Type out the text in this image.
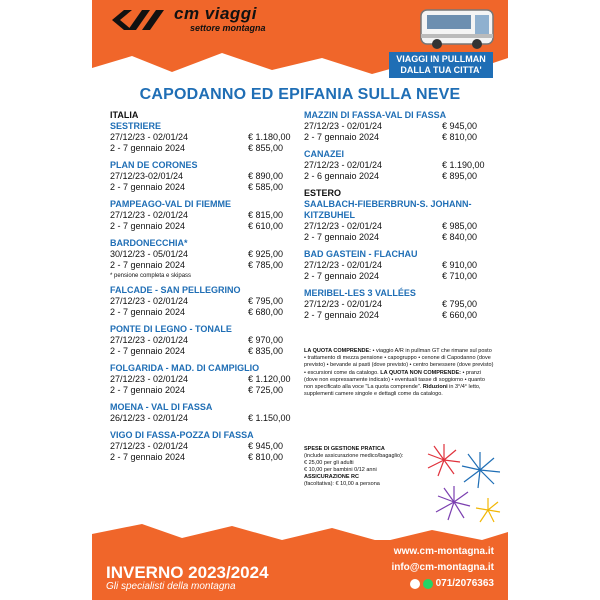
cm viaggi
settore montagna
VIAGGI IN PULLMAN
DALLA TUA CITTA'
CAPODANNO ED EPIFANIA SULLA NEVE
ITALIA
SESTRIERE
27/12/23 - 02/01/24	€ 1.180,00
2 - 7 gennaio 2024	€ 855,00
PLAN DE CORONES
27/12/23-02/01/24	€ 890,00
2 - 7 gennaio 2024	€ 585,00
PAMPEAGO-VAL DI FIEMME
27/12/23 - 02/01/24	€ 815,00
2 - 7 gennaio 2024	€ 610,00
BARDONECCHIA*
30/12/23 - 05/01/24	€ 925,00
2 - 7 gennaio 2024	€ 785,00
* pensione completa e skipass
FALCADE - SAN PELLEGRINO
27/12/23 - 02/01/24	€ 795,00
2 - 7 gennaio 2024	€ 680,00
PONTE DI LEGNO - TONALE
27/12/23 - 02/01/24	€ 970,00
2 - 7 gennaio 2024	€ 835,00
FOLGARIDA - MAD. DI CAMPIGLIO
27/12/23 - 02/01/24	€ 1.120,00
2 - 7 gennaio 2024	€ 725,00
MOENA - VAL DI FASSA
26/12/23 - 02/01/24	€ 1.150,00
VIGO DI FASSA-POZZA DI FASSA
27/12/23 - 02/01/24	€ 945,00
2 - 7 gennaio 2024	€ 810,00
MAZZIN DI FASSA-VAL DI FASSA
27/12/23 - 02/01/24	€ 945,00
2 - 7 gennaio 2024	€ 810,00
CANAZEI
27/12/23 - 02/01/24	€ 1.190,00
2 - 6 gennaio 2024	€ 895,00
ESTERO
SAALBACH-FIEBERBRUN-S. JOHANN-KITZBUHEL
27/12/23 - 02/01/24	€ 985,00
2 - 7 gennaio 2024	€ 840,00
BAD GASTEIN - FLACHAU
27/12/23 - 02/01/24	€ 910,00
2 - 7 gennaio 2024	€ 710,00
MERIBEL-LES 3 VALLÉES
27/12/23 - 02/01/24	€ 795,00
2 - 7 gennaio 2024	€ 660,00
LA QUOTA COMPRENDE: • viaggio A/R in pullman GT che rimane sul posto • trattamento di mezza pensione • capogruppo • cenone di Capodanno (dove previsto) • bevande ai pasti (dove previsto) • centro benessere (dove previsto) • escursioni come da catalogo. LA QUOTA NON COMPRENDE: • pranzi (dove non espressamente indicato) • eventuali tasse di soggiorno • quanto non specificato alla voce "La quota comprende". Riduzioni in 3°/4° letto, supplementi camere singole e dettagli come da catalogo.
SPESE DI GESTIONE PRATICA
(include assicurazione medico/bagaglio):
€ 25,00 per gli adulti
€ 10,00 per bambini 0/12 anni
ASSICURAZIONE RC
(facoltativa): € 10,00 a persona
INVERNO 2023/2024
Gli specialisti della montagna
www.cm-montagna.it
info@cm-montagna.it
071/2076363
